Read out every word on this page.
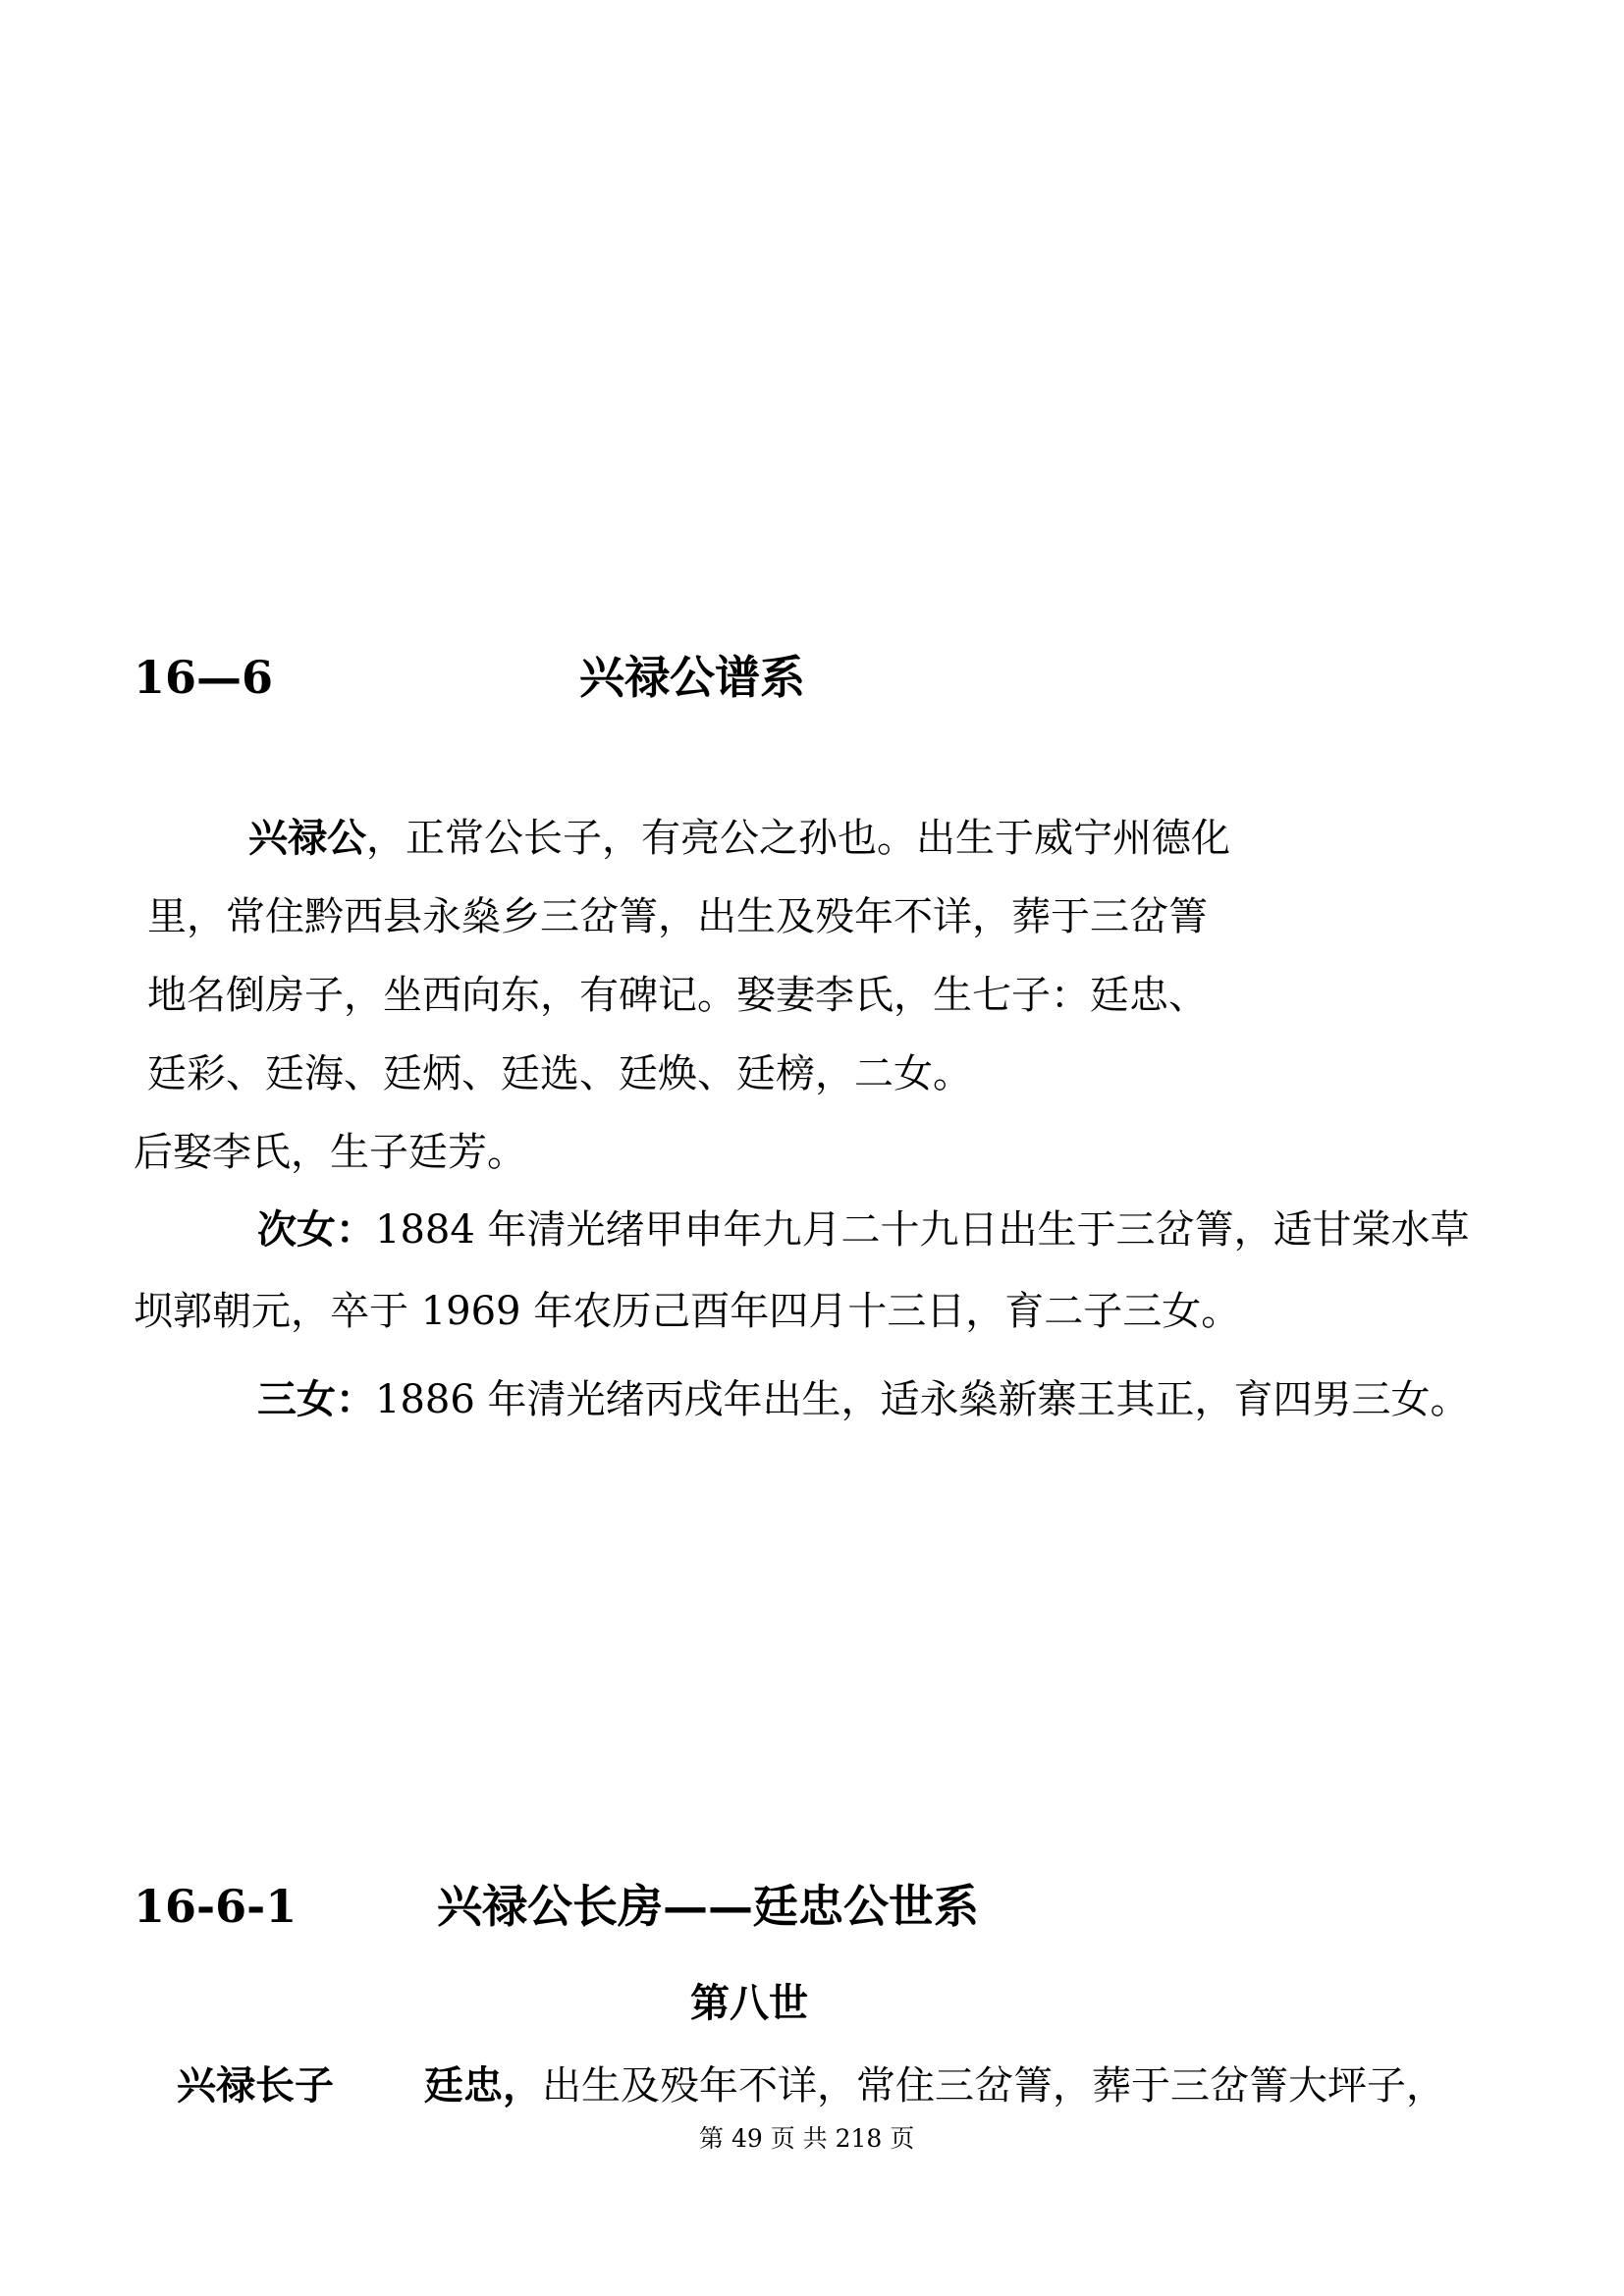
16—6	兴禄公谱系
兴禄公，正常公长子，有亮公之孙也。出生于威宁州德化
里，常住黔西县永燊乡三岔箐，出生及殁年不详，葬于三岔箐
地名倒房子，坐西向东，有碑记。娶妻李氏，生七子：廷忠、
廷彩、廷海、廷炳、廷选、廷焕、廷榜，二女。
后娶李氏，生子廷芳。
次女：1884 年清光绪甲申年九月二十九日出生于三岔箐，适甘棠水草
坝郭朝元，卒于 1969 年农历己酉年四月十三日，育二子三女。
三女：1886 年清光绪丙戌年出生，适永燊新寨王其正，育四男三女。
16-6-1	兴禄公长房——廷忠公世系
第八世
兴禄长子 廷忠，出生及殁年不详，常住三岔箐，葬于三岔箐大坪子，
第 49 页 共 218 页
